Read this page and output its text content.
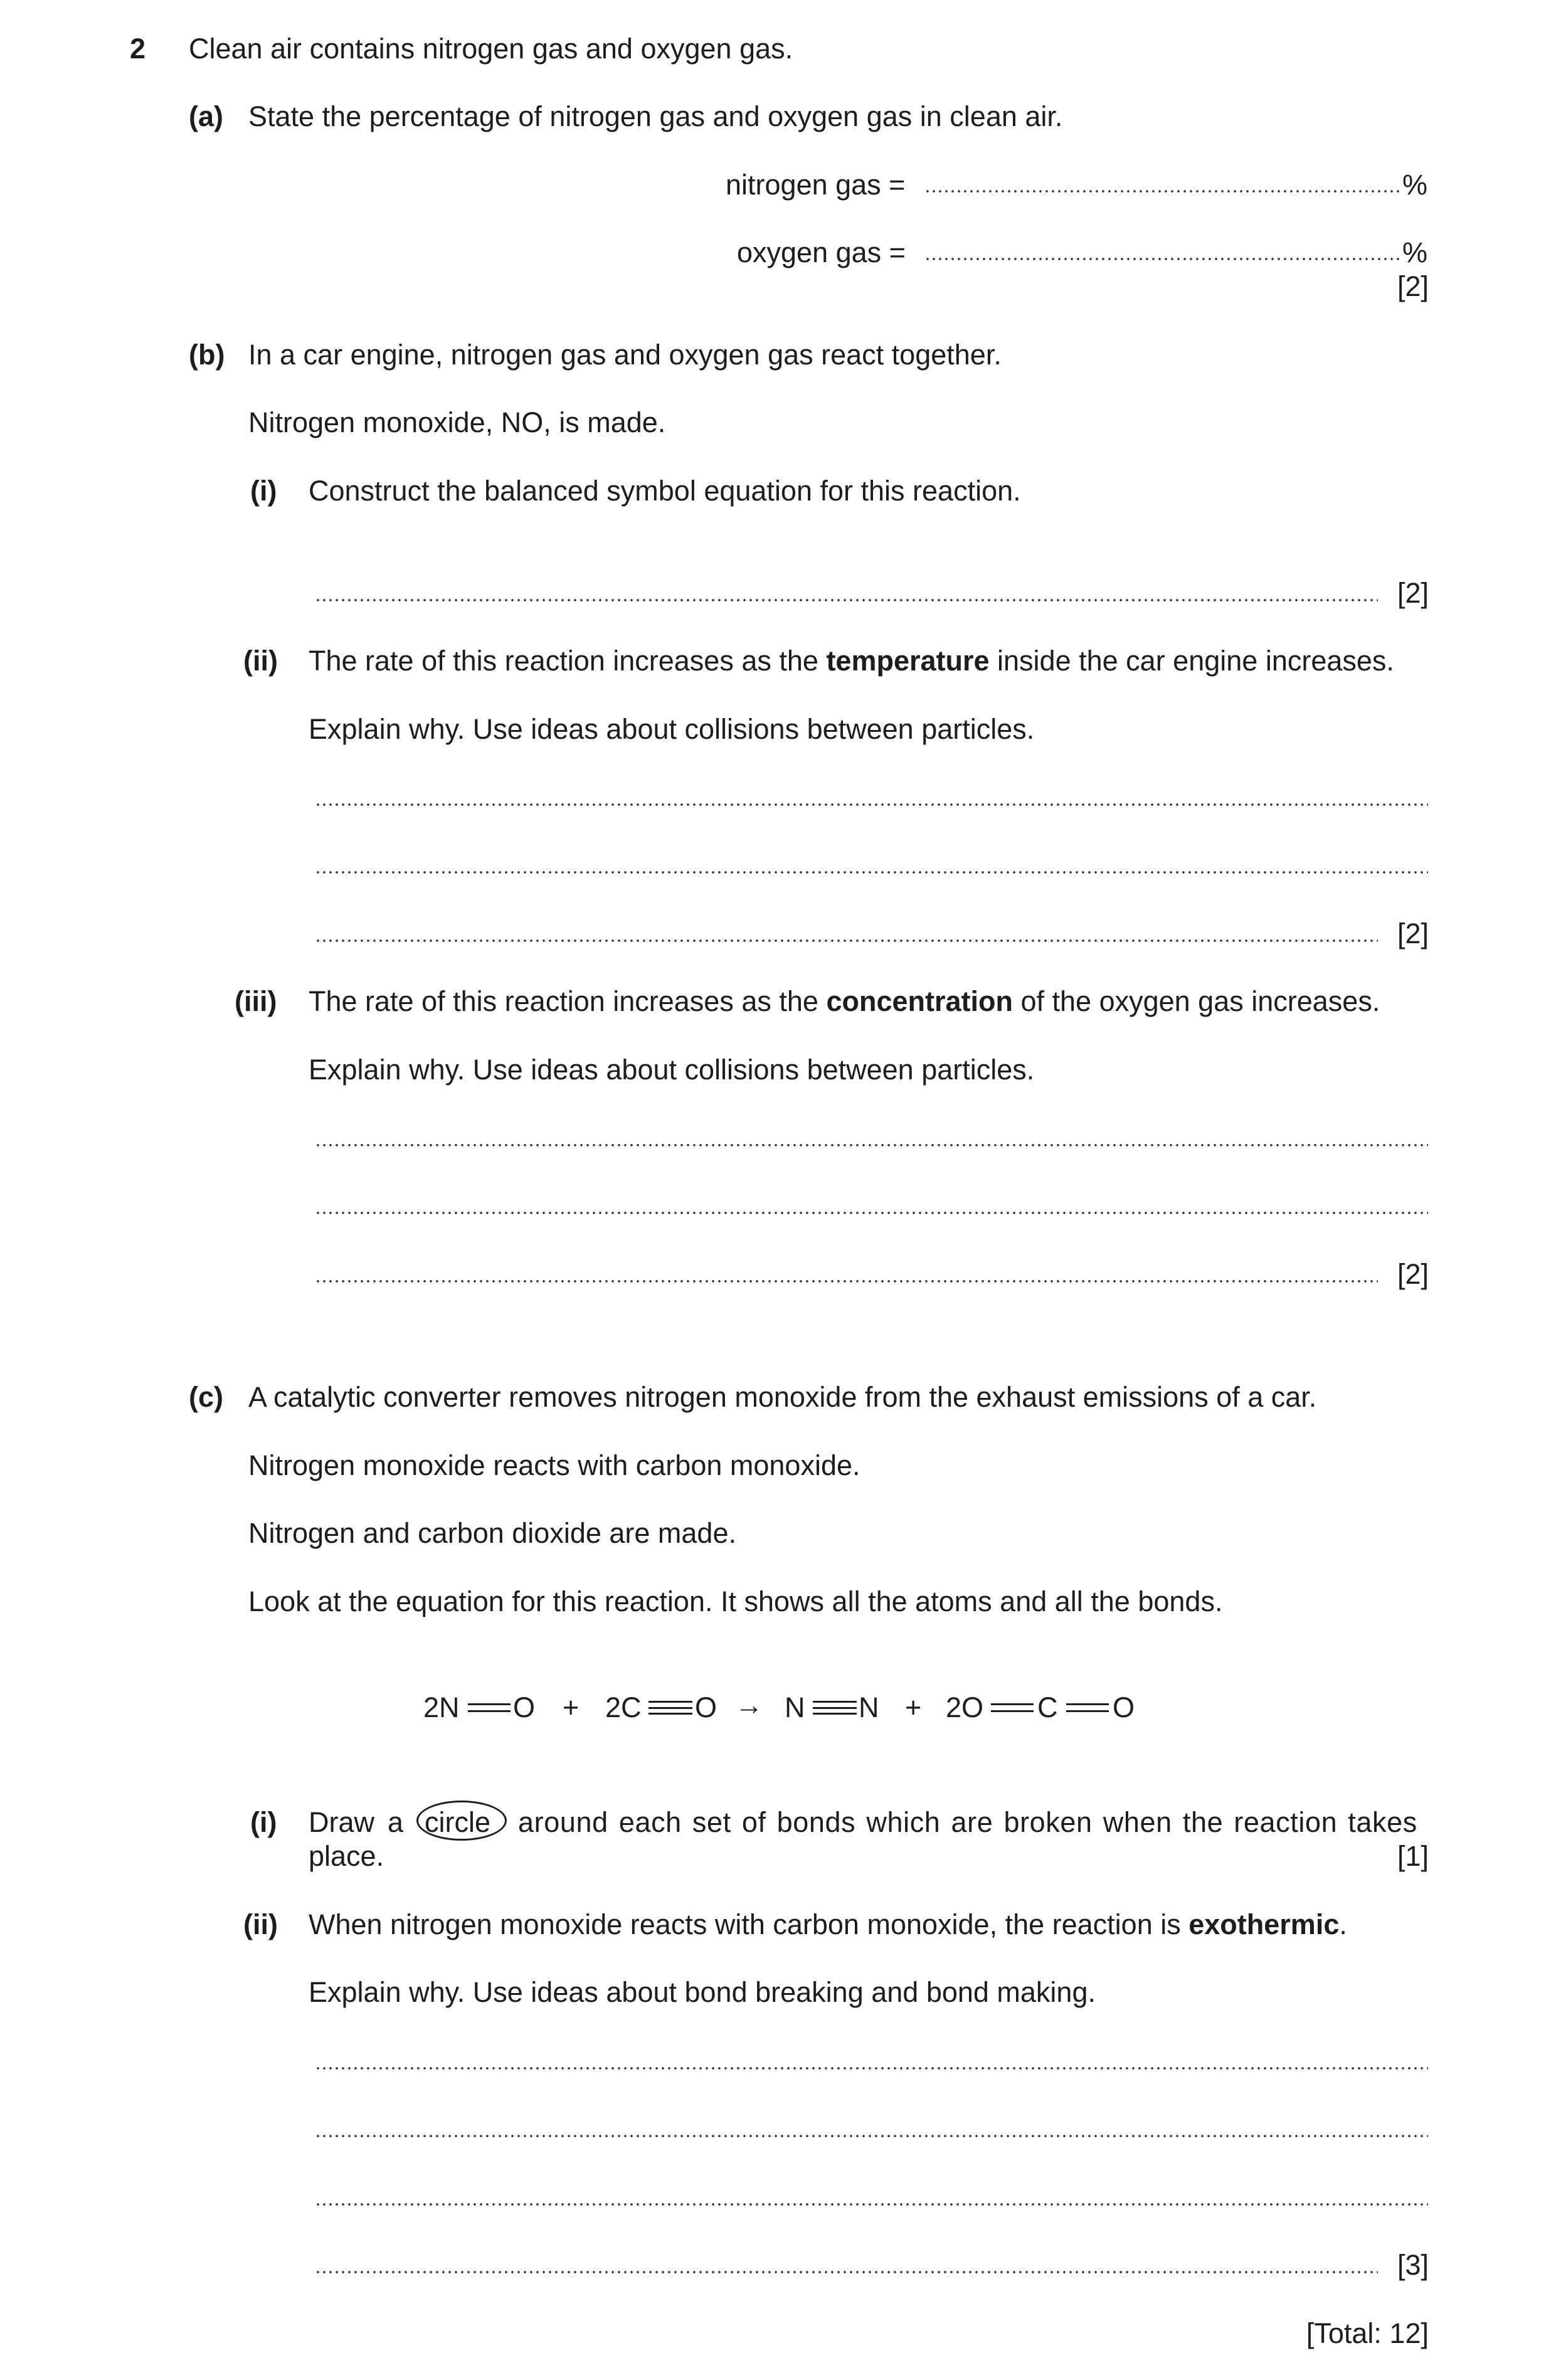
2 Clean air contains nitrogen gas and oxygen gas.
(a) State the percentage of nitrogen gas and oxygen gas in clean air.
nitrogen gas =	%
oxygen gas =	%
[2]
(b) In a car engine, nitrogen gas and oxygen gas react together.
Nitrogen monoxide, NO, is made.
(i) Construct the balanced symbol equation for this reaction.
[2]
(ii) The rate of this reaction increases as the temperature inside the car engine increases.
Explain why. Use ideas about collisions between particles.
[2]
(iii) The rate of this reaction increases as the concentration of the oxygen gas increases.
Explain why. Use ideas about collisions between particles.
[2]
(c) A catalytic converter removes nitrogen monoxide from the exhaust emissions of a car.
Nitrogen monoxide reacts with carbon monoxide.
Nitrogen and carbon dioxide are made.
Look at the equation for this reaction. It shows all the atoms and all the bonds.
2N O + 2C O → N N + 2O C O
(i) Draw a circle around each set of bonds which are broken when the reaction takes
place.	[1]
(ii) When nitrogen monoxide reacts with carbon monoxide, the reaction is exothermic.
Explain why. Use ideas about bond breaking and bond making.
[3]
[Total: 12]
